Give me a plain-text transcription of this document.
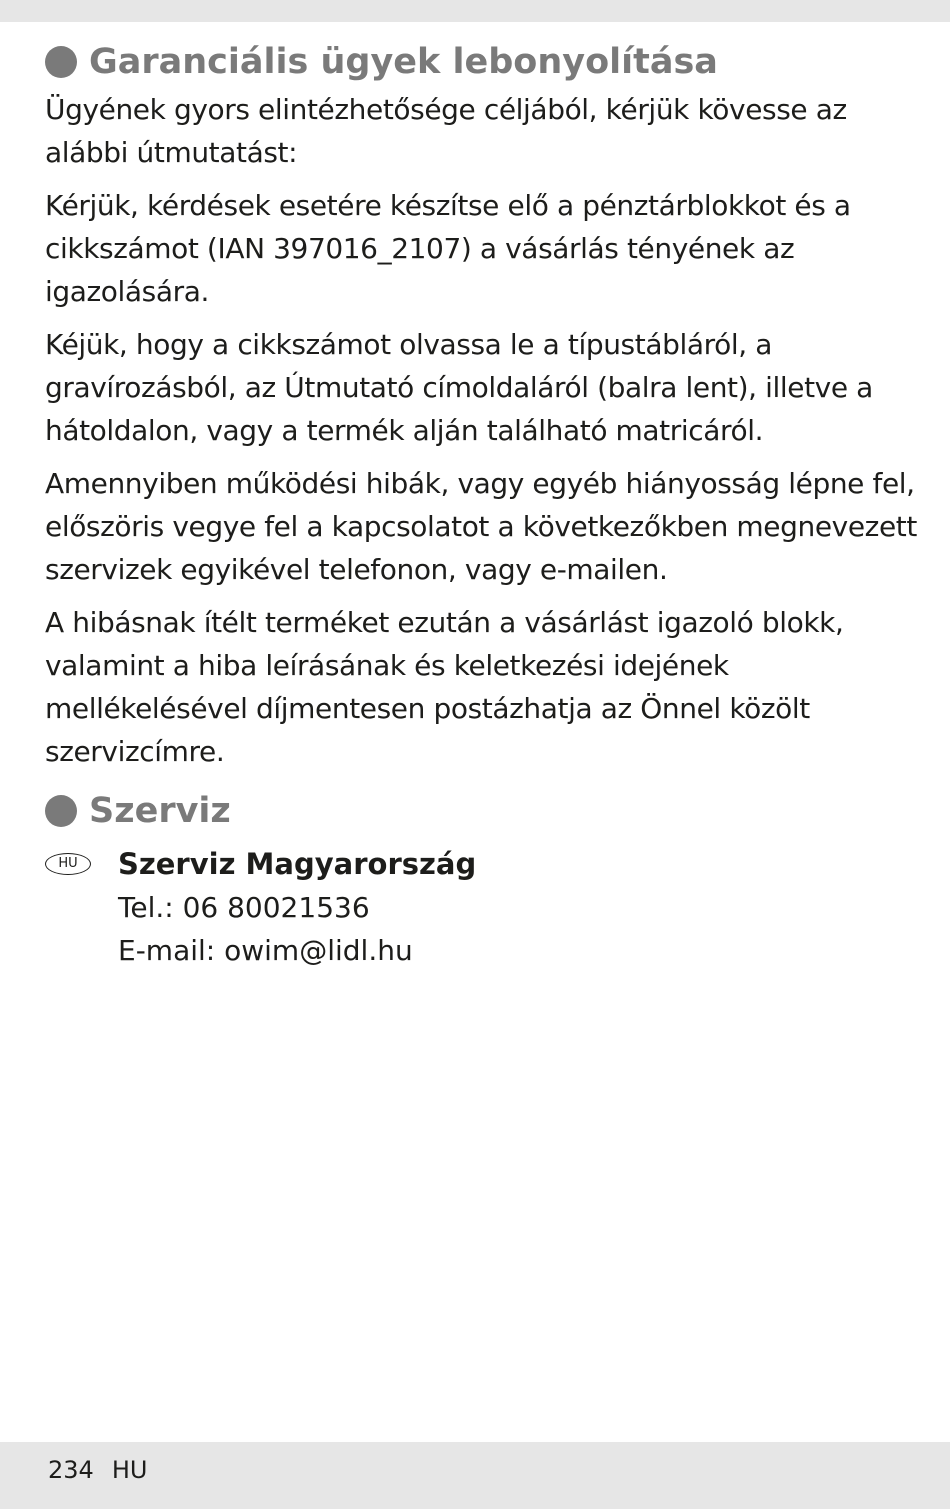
Garanciális ügyek lebonyolítása

Ügyének gyors elintézhetősége céljából, kérjük kövesse az alábbi útmutatást:

Kérjük, kérdések esetére készítse elő a pénztárblokkot és a cikkszámot (IAN 397016_2107) a vásárlás tényének az igazolására.

Kéjük, hogy a cikkszámot olvassa le a típustábláról, a gravírozásból, az Útmutató címoldaláról (balra lent), illetve a hátoldalon, vagy a termék alján található matricáról.

Amennyiben működési hibák, vagy egyéb hiányosság lépne fel, előszöris vegye fel a kapcsolatot a következőkben megnevezett szervizek egyikével telefonon, vagy e-mailen.

A hibásnak ítélt terméket ezután a vásárlást igazoló blokk, valamint a hiba leírásának és keletkezési idejének mellékelésével díjmentesen postázhatja az Önnel közölt szervizcímre.

Szerviz
HU	Szerviz Magyarország
Tel.: 06 80021536
E-mail: owim@lidl.hu
234 HU
